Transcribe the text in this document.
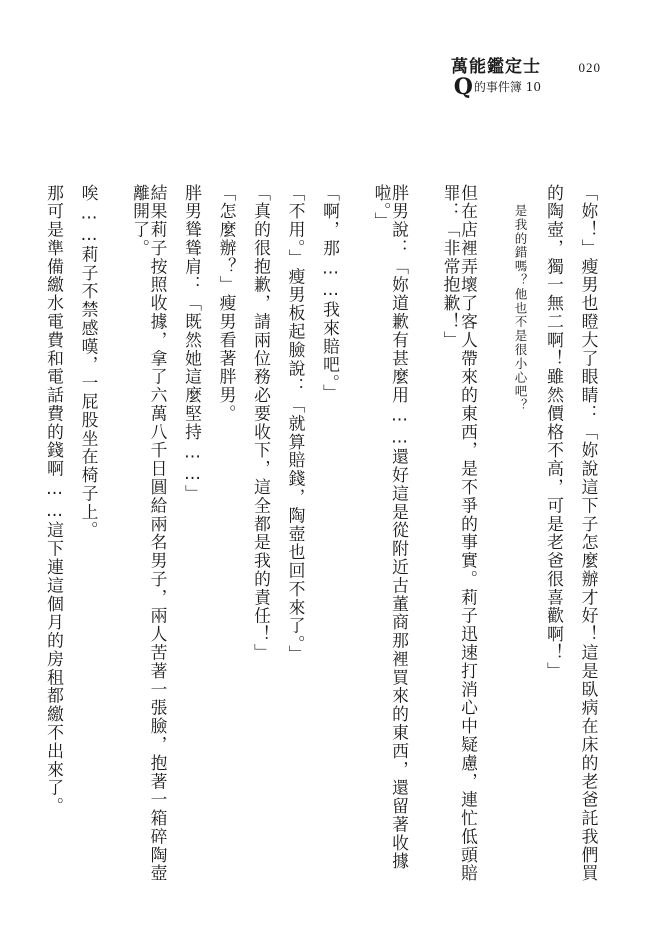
萬能鑑定士
Q的事件簿 10
020
「妳！」瘦男也瞪大了眼睛：「妳說這下子怎麼辦才好！這是臥病在床的老爸託我們買
的陶壺，獨一無二啊！雖然價格不高，可是老爸很喜歡啊！」
是我的錯嗎？他也不是很小心吧？
但在店裡弄壞了客人帶來的東西，是不爭的事實。莉子迅速打消心中疑慮，連忙低頭賠
罪：「非常抱歉！」
胖男說：「妳道歉有甚麼用……還好這是從附近古董商那裡買來的東西，還留著收據
啦。」
「啊，那……我來賠吧。」
「不用。」瘦男板起臉說：「就算賠錢，陶壺也回不來了。」
「真的很抱歉，請兩位務必要收下，這全都是我的責任！」
「怎麼辦？」瘦男看著胖男。
胖男聳聳肩：「既然她這麼堅持……」
結果莉子按照收據，拿了六萬八千日圓給兩名男子，兩人苦著一張臉，抱著一箱碎陶壺
離開了。
唉……莉子不禁感嘆，一屁股坐在椅子上。
那可是準備繳水電費和電話費的錢啊……這下連這個月的房租都繳不出來了。
